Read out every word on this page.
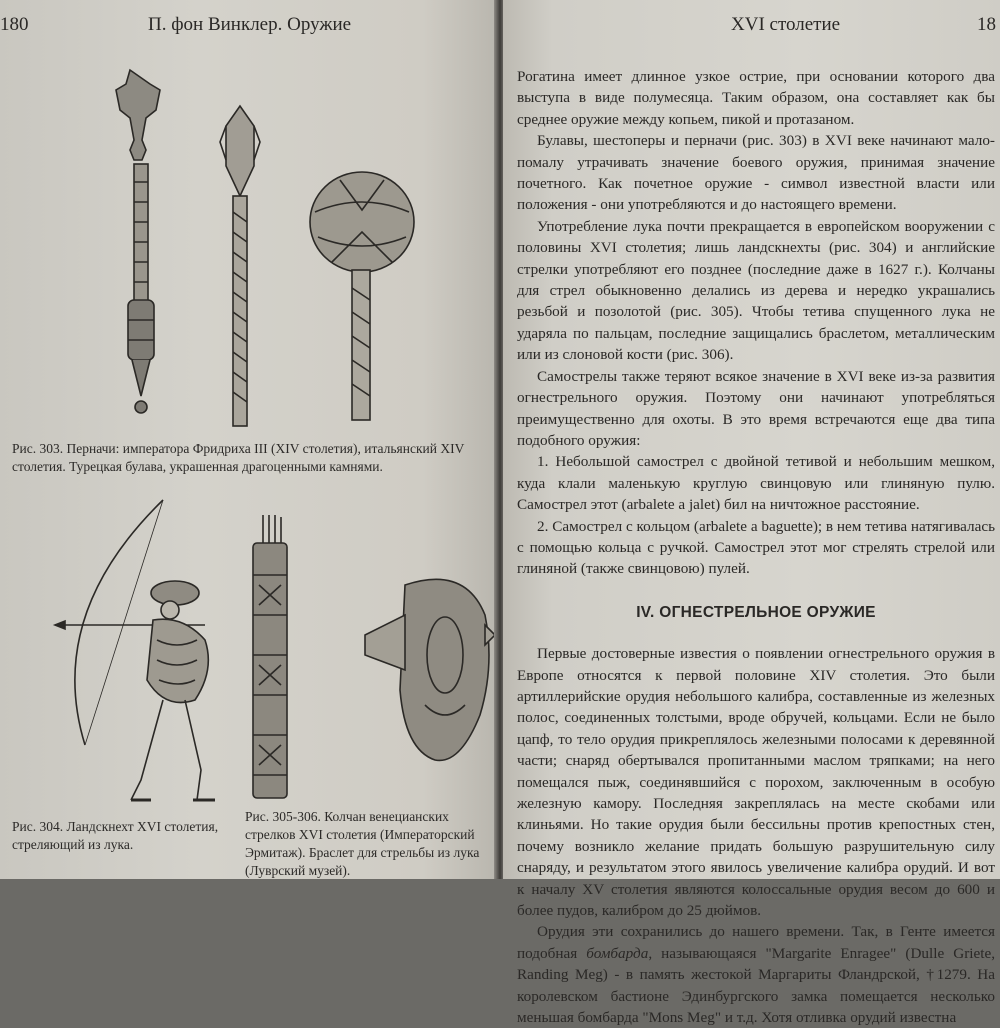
180	П. фон Винклер. Оружие
Рис. 303. Перначи: императора Фридриха III (XIV столетия), итальянский XIV столетия. Турецкая булава, украшенная драгоценными камнями.
Рис. 304. Ландскнехт XVI столетия, стреляющий из лука.
Рис. 305-306. Колчан венецианских стрелков XVI столетия (Императорский Эрмитаж). Браслет для стрельбы из лука (Луврский музей).
XVI столетие	18

Рогатина имеет длинное узкое острие, при основании которого два выступа в виде полумесяца. Таким образом, она составляет как бы среднее оружие между копьем, пикой и протазаном.

Булавы, шестоперы и перначи (рис. 303) в XVI веке начинают мало-помалу утрачивать значение боевого оружия, принимая значение почетного. Как почетное оружие - символ известной власти или положения - они употребляются и до настоящего времени.

Употребление лука почти прекращается в европейском вооружении с половины XVI столетия; лишь ландскнехты (рис. 304) и английские стрелки употребляют его позднее (последние даже в 1627 г.). Колчаны для стрел обыкновенно делались из дерева и нередко украшались резьбой и позолотой (рис. 305). Чтобы тетива спущенного лука не ударяла по пальцам, последние защищались браслетом, металлическим или из слоновой кости (рис. 306).

Самострелы также теряют всякое значение в XVI веке из-за развития огнестрельного оружия. Поэтому они начинают употребляться преимущественно для охоты. В это время встречаются еще два типа подобного оружия:

1. Небольшой самострел с двойной тетивой и небольшим мешком, куда клали маленькую круглую свинцовую или глиняную пулю. Самострел этот (arbalete a jalet) бил на ничтожное расстояние.

2. Самострел с кольцом (arbalete a baguette); в нем тетива натягивалась с помощью кольца с ручкой. Самострел этот мог стрелять стрелой или глиняной (также свинцовою) пулей.

IV. ОГНЕСТРЕЛЬНОЕ ОРУЖИЕ

Первые достоверные известия о появлении огнестрельного оружия в Европе относятся к первой половине XIV столетия. Это были артиллерийские орудия небольшого калибра, составленные из железных полос, соединенных толстыми, вроде обручей, кольцами. Если не было цапф, то тело орудия прикреплялось железными полосами к деревянной части; снаряд обертывался пропитанными маслом тряпками; на него помещался пыж, соединявшийся с порохом, заключенным в особую железную камору. Последняя закреплялась на месте скобами или клиньями. Но такие орудия были бессильны против крепостных стен, почему возникло желание придать большую разрушительную силу снаряду, и результатом этого явилось увеличение калибра орудий. И вот к началу XV столетия являются колоссальные орудия весом до 600 и более пудов, калибром до 25 дюймов.

Орудия эти сохранились до нашего времени. Так, в Генте имеется подобная бомбарда, называющаяся "Margarite Enragee" (Dulle Griete, Randing Meg) - в память жестокой Маргариты Фландрской, †1279. На королевском бастионе Эдинбургского замка помещается несколько меньшая бомбарда "Mons Meg" и т.д. Хотя отливка орудий известна
